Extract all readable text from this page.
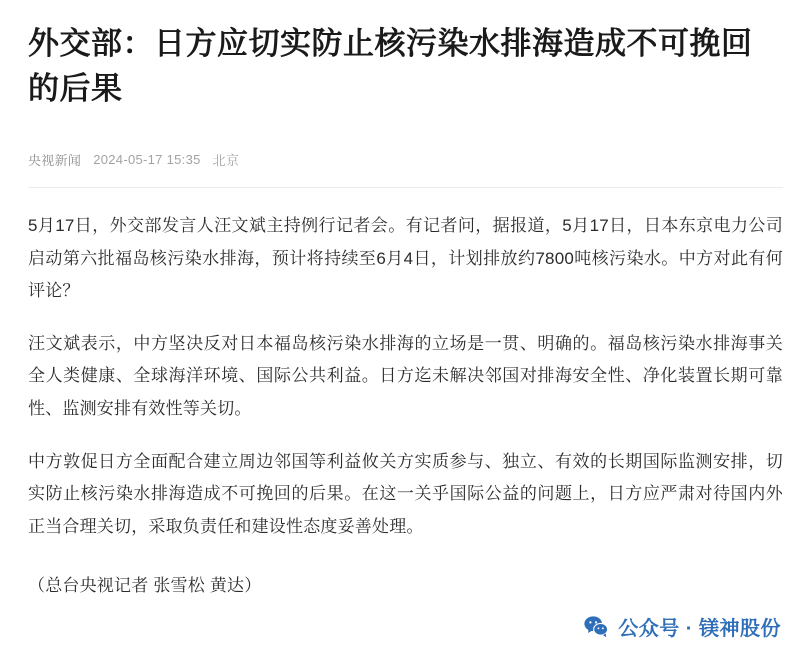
外交部：日方应切实防止核污染水排海造成不可挽回的后果
央视新闻 2024-05-17 15:35 北京

5月17日，外交部发言人汪文斌主持例行记者会。有记者问，据报道，5月17日，日本东京电力公司启动第六批福岛核污染水排海，预计将持续至6月4日，计划排放约7800吨核污染水。中方对此有何评论？

汪文斌表示，中方坚决反对日本福岛核污染水排海的立场是一贯、明确的。福岛核污染水排海事关全人类健康、全球海洋环境、国际公共利益。日方迄未解决邻国对排海安全性、净化装置长期可靠性、监测安排有效性等关切。

中方敦促日方全面配合建立周边邻国等利益攸关方实质参与、独立、有效的长期国际监测安排，切实防止核污染水排海造成不可挽回的后果。在这一关乎国际公益的问题上，日方应严肃对待国内外正当合理关切，采取负责任和建设性态度妥善处理。

（总台央视记者 张雪松 黄达）

公众号 · 镁神股份
